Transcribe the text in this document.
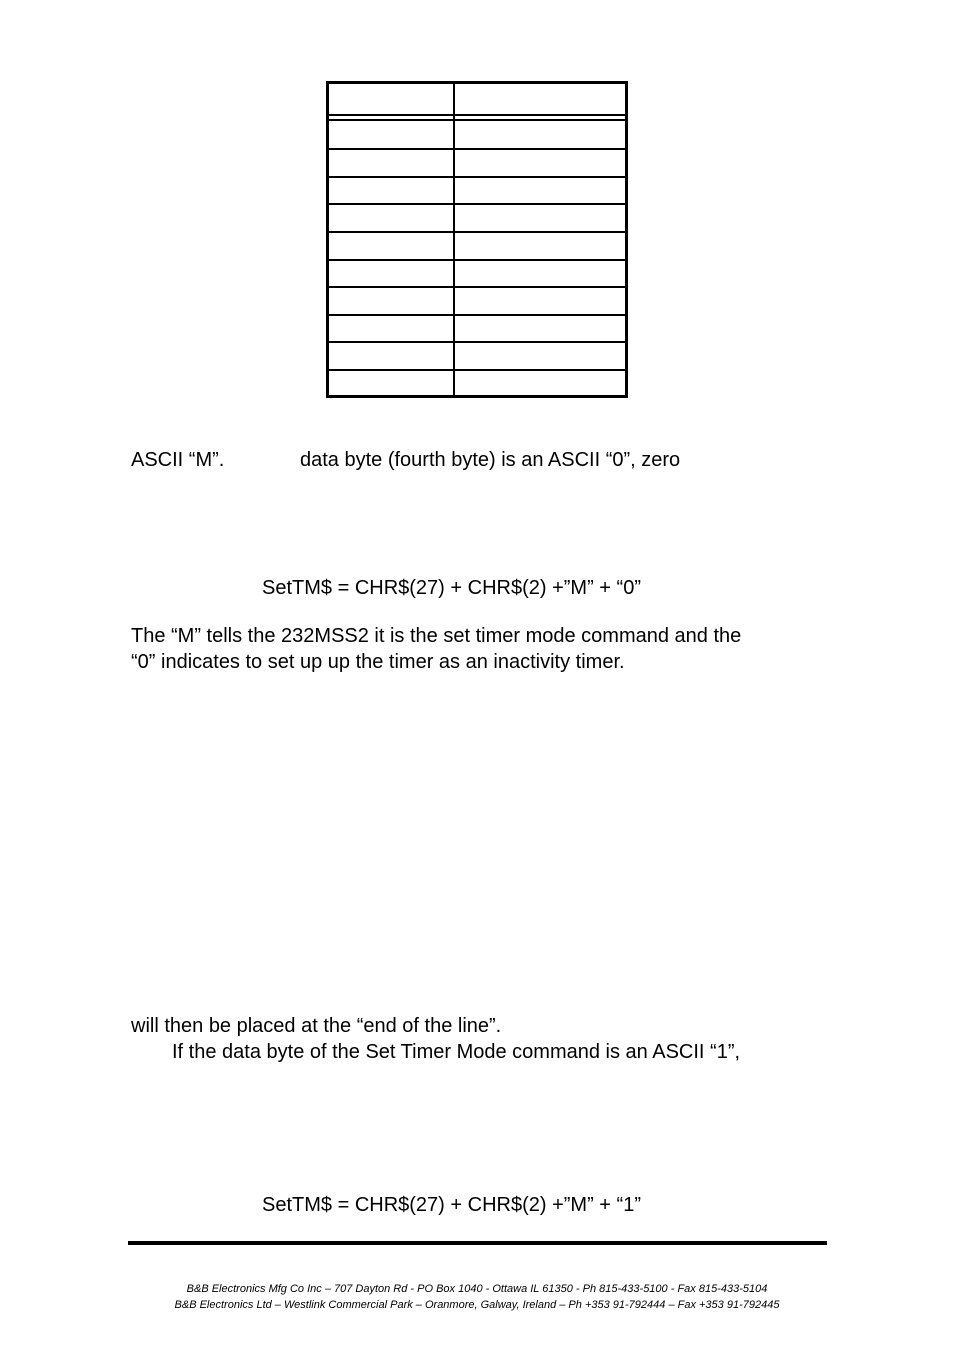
ASCII “M”.	data byte (fourth byte) is an ASCII “0”, zero
SetTM$ = CHR$(27) + CHR$(2) +”M” + “0”
The “M” tells the 232MSS2 it is the set timer mode command and the
“0” indicates to set up up the timer as an inactivity timer.
will then be placed at the “end of the line”.
If the data byte of the Set Timer Mode command is an ASCII “1”,
SetTM$ = CHR$(27) + CHR$(2) +”M” + “1”
B&B Electronics Mfg Co Inc – 707 Dayton Rd - PO Box 1040 - Ottawa IL 61350 - Ph 815-433-5100 - Fax 815-433-5104
B&B Electronics Ltd – Westlink Commercial Park – Oranmore, Galway, Ireland – Ph +353 91-792444 – Fax +353 91-792445
